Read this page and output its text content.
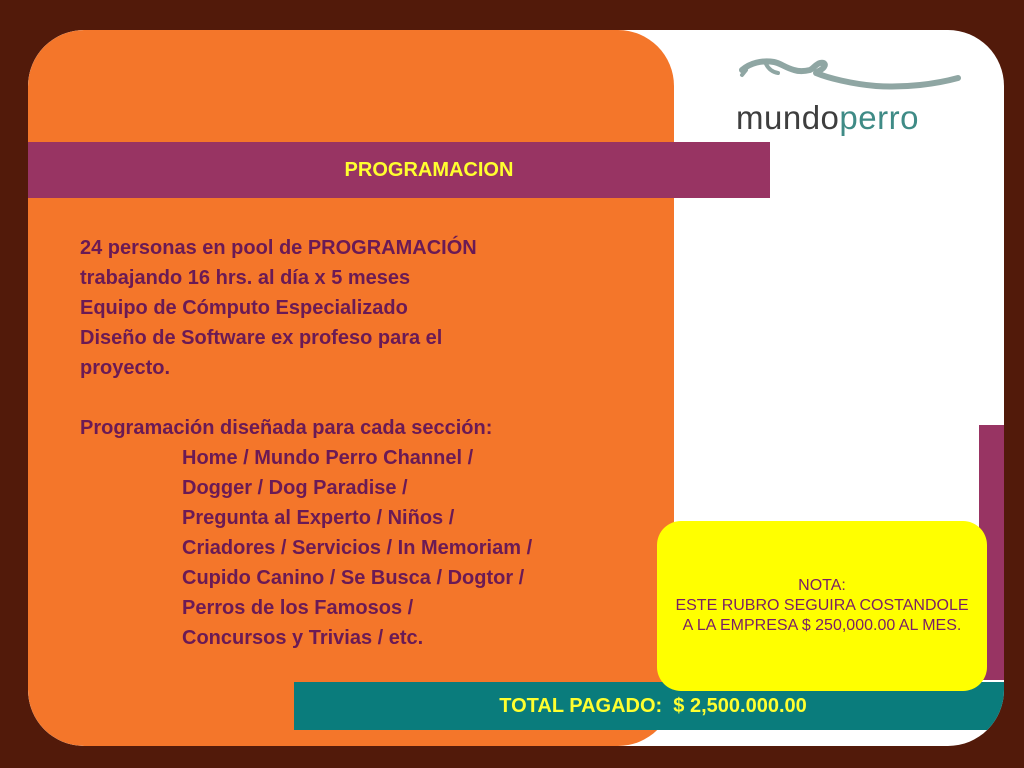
mundoperro
PROGRAMACION

24 personas en pool de PROGRAMACIÓN

trabajando 16 hrs. al día x 5 meses

Equipo de Cómputo Especializado

Diseño de Software ex profeso para el

proyecto.

Programación diseñada para cada sección:

Home / Mundo Perro Channel /

Dogger / Dog Paradise /

Pregunta al Experto / Niños /

Criadores / Servicios / In Memoriam /

Cupido Canino / Se Busca / Dogtor /

Perros de los Famosos /

Concursos y Trivias / etc.

TOTAL PAGADO:  $ 2,500.000.00

NOTA:

ESTE RUBRO SEGUIRA COSTANDOLE A LA EMPRESA $ 250,000.00 AL MES.
